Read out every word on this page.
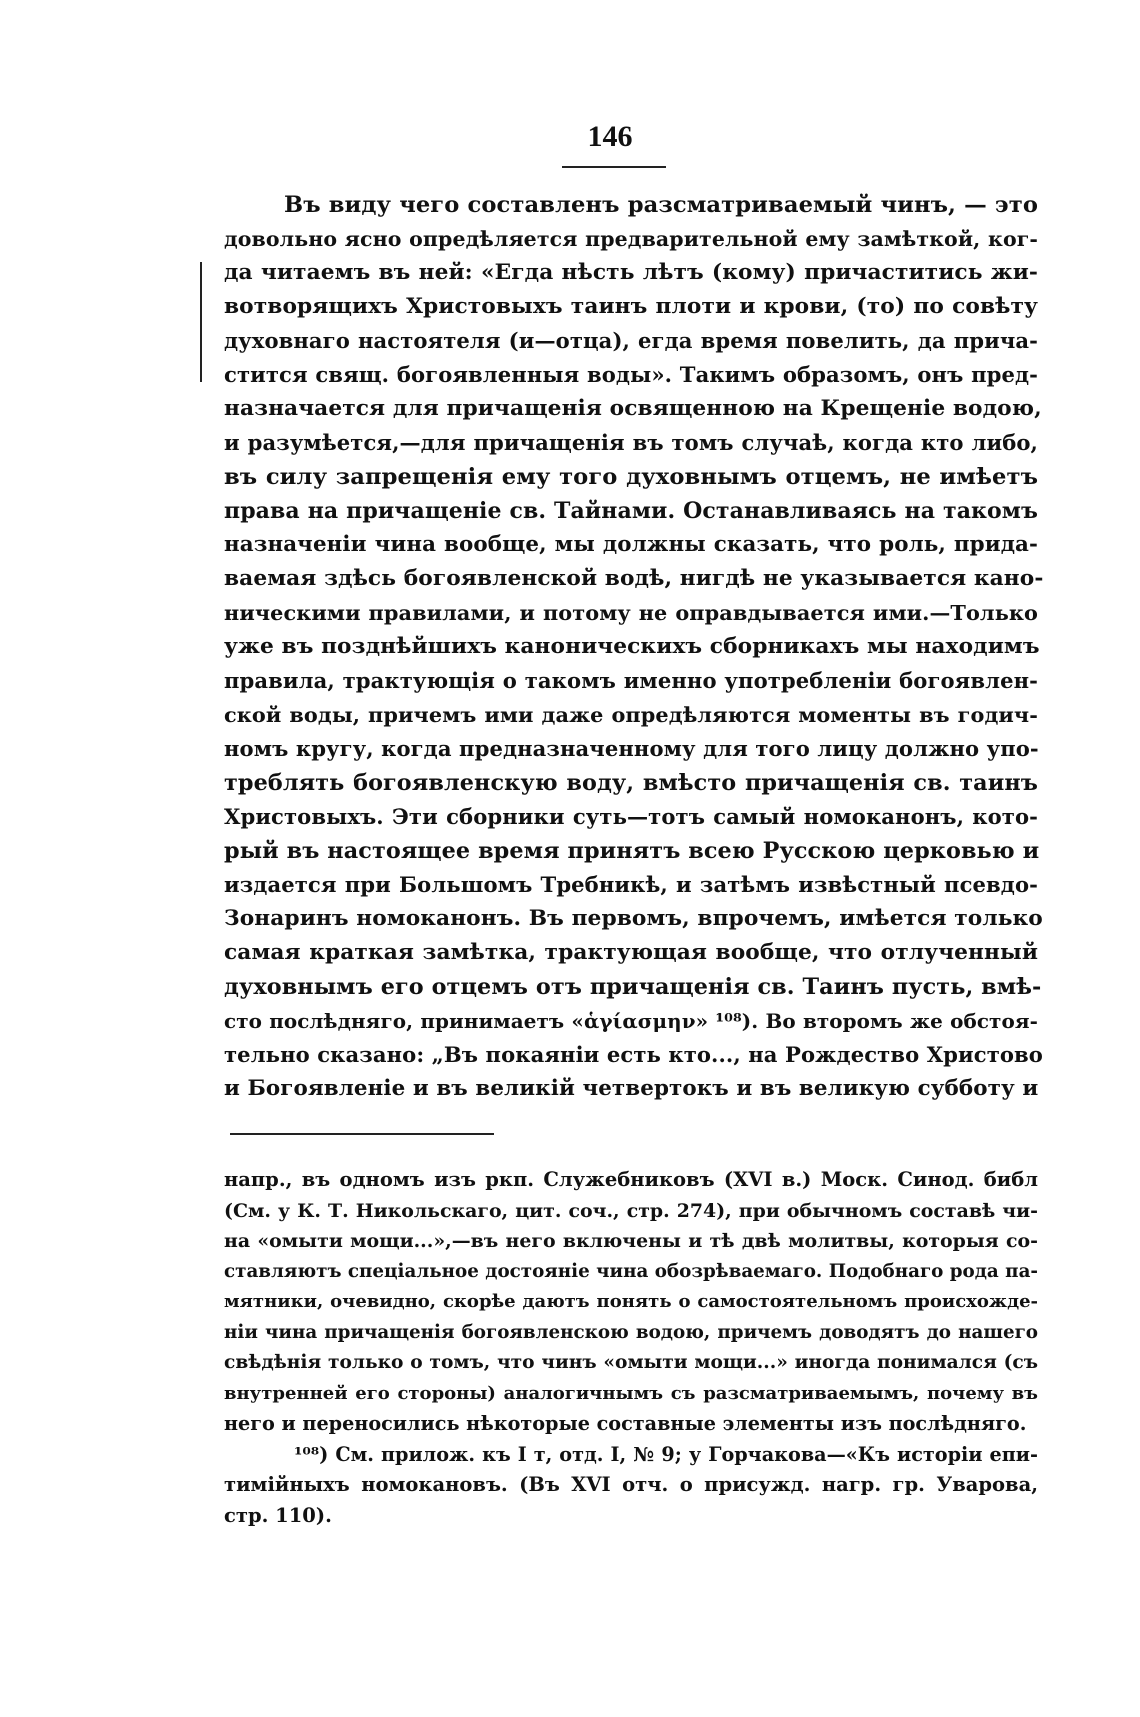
146
Въ виду чего составленъ разсматриваемый чинъ, — это
довольно ясно опредѣляется предварительной ему замѣткой, ког-
да читаемъ въ ней: «Егда нѣсть лѣтъ (кому) причаститись жи-
вотворящихъ Христовыхъ таинъ плоти и крови, (то) по совѣту
духовнаго настоятеля (и—отца), егда время повелить, да прича-
стится свящ. богоявленныя воды». Такимъ образомъ, онъ пред-
назначается для причащенія освященною на Крещеніе водою,
и разумѣется,—для причащенія въ томъ случаѣ, когда кто либо,
въ силу запрещенія ему того духовнымъ отцемъ, не имѣетъ
права на причащеніе св. Тайнами. Останавливаясь на такомъ
назначеніи чина вообще, мы должны сказать, что роль, прида-
ваемая здѣсь богоявленской водѣ, нигдѣ не указывается кано-
ническими правилами, и потому не оправдывается ими.—Только
уже въ позднѣйшихъ каноническихъ сборникахъ мы находимъ
правила, трактующія о такомъ именно употребленіи богоявлен-
ской воды, причемъ ими даже опредѣляются моменты въ годич-
номъ кругу, когда предназначенному для того лицу должно упо-
треблять богоявленскую воду, вмѣсто причащенія св. таинъ
Христовыхъ. Эти сборники суть—тотъ самый номоканонъ, кото-
рый въ настоящее время принятъ всею Русскою церковью и
издается при Большомъ Требникѣ, и затѣмъ извѣстный псевдо-
Зонаринъ номоканонъ. Въ первомъ, впрочемъ, имѣется только
самая краткая замѣтка, трактующая вообще, что отлученный
духовнымъ его отцемъ отъ причащенія св. Таинъ пусть, вмѣ-
сто послѣдняго, принимаетъ «ἁγίασμην» ¹⁰⁸). Во второмъ же обстоя-
тельно сказано: „Въ покаяніи есть кто..., на Рождество Христово
и Богоявленіе и въ великій четвертокъ и въ великую субботу и
напр., въ одномъ изъ ркп. Служебниковъ (XVI в.) Моск. Синод. библ
(См. у К. Т. Никольскаго, цит. соч., стр. 274), при обычномъ составѣ чи-
на «омыти мощи...»,—въ него включены и тѣ двѣ молитвы, которыя со-
ставляютъ спеціальное достояніе чина обозрѣваемаго. Подобнаго рода па-
мятники, очевидно, скорѣе даютъ понять о самостоятельномъ происхожде-
ніи чина причащенія богоявленскою водою, причемъ доводятъ до нашего
свѣдѣнія только о томъ, что чинъ «омыти мощи...» иногда понимался (съ
внутренней его стороны) аналогичнымъ съ разсматриваемымъ, почему въ
него и переносились нѣкоторые составные элементы изъ послѣдняго.
¹⁰⁸) См. прилож. къ I т, отд. I, № 9; у Горчакова—«Къ исторіи епи-
тимійныхъ номокановъ. (Въ XVI отч. о присужд. нагр. гр. Уварова,
стр. 110).
